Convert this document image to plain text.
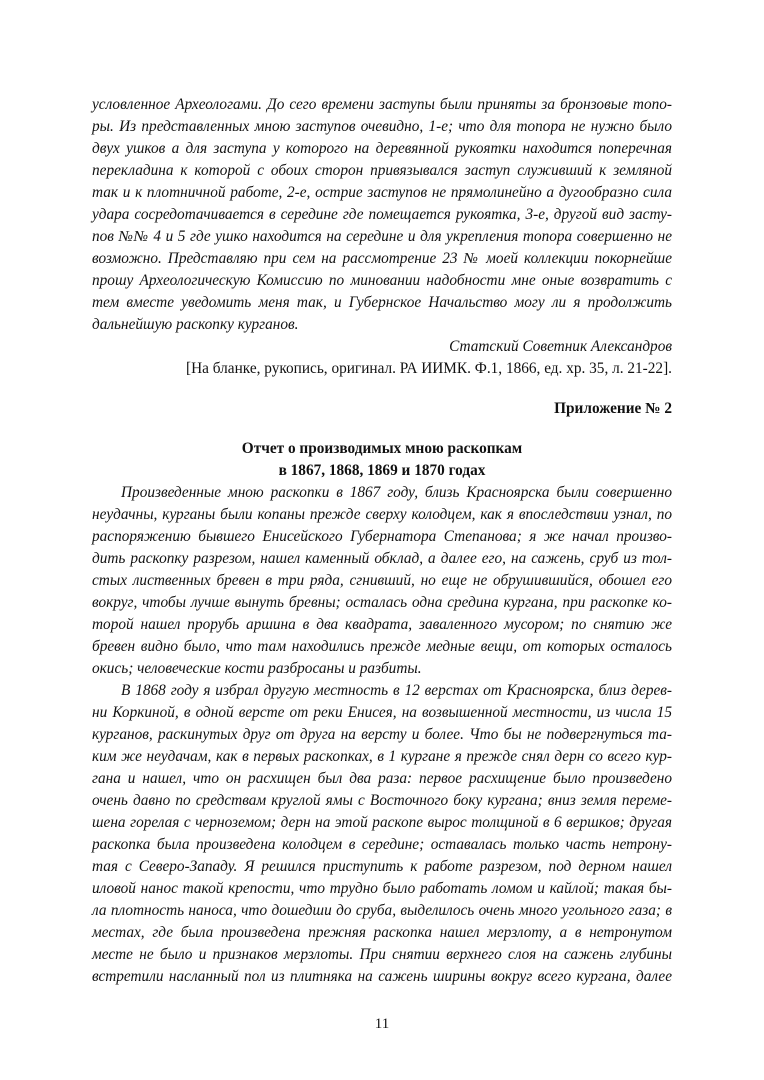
условленное Археологами. До сего времени заступы были приняты за бронзовые топо-
ры. Из представленных мною заступов очевидно, 1-е; что для топора не нужно было
двух ушков а для заступа у которого на деревянной рукоятки находится поперечная
перекладина к которой с обоих сторон привязывался заступ служивший к земляной
так и к плотничной работе, 2-е, острие заступов не прямолинейно а дугообразно сила
удара сосредотачивается в середине где помещается рукоятка, 3-е, другой вид засту-
пов №№ 4 и 5 где ушко находится на середине и для укрепления топора совершенно не
возможно. Представляю при сем на рассмотрение 23 № моей коллекции покорнейше
прошу Археологическую Комиссию по миновании надобности мне оные возвратить с
тем вместе уведомить меня так, и Губернское Начальство могу ли я продолжить
дальнейшую раскопку курганов.
Статский Советник Александров
[На бланке, рукопись, оригинал. РА ИИМК. Ф.1, 1866, ед. хр. 35, л. 21-22].
Приложение № 2
Отчет о производимых мною раскопкам
в 1867, 1868, 1869 и 1870 годах
Произведенные мною раскопки в 1867 году, близь Красноярска были совершенно
неудачны, курганы были копаны прежде сверху колодцем, как я впоследствии узнал, по
распоряжению бывшего Енисейского Губернатора Степанова; я же начал произво-
дить раскопку разрезом, нашел каменный обклад, а далее его, на сажень, сруб из тол-
стых лиственных бревен в три ряда, сгнивший, но еще не обрушившийся, обошел его
вокруг, чтобы лучше вынуть бревны; осталась одна средина кургана, при раскопке ко-
торой нашел прорубь аршина в два квадрата, заваленного мусором; по снятию же
бревен видно было, что там находились прежде медные вещи, от которых осталось
окись; человеческие кости разбросаны и разбиты.
В 1868 году я избрал другую местность в 12 верстах от Красноярска, близ дерев-
ни Коркиной, в одной версте от реки Енисея, на возвышенной местности, из числа 15
курганов, раскинутых друг от друга на версту и более. Что бы не подвергнуться та-
ким же неудачам, как в первых раскопках, в 1 кургане я прежде снял дерн со всего кур-
гана и нашел, что он расхищен был два раза: первое расхищение было произведено
очень давно по средствам круглой ямы с Восточного боку кургана; вниз земля переме-
шена горелая с черноземом; дерн на этой раскопе вырос толщиной в 6 вершков; другая
раскопка была произведена колодцем в середине; оставалась только часть нетрону-
тая с Северо-Западу. Я решился приступить к работе разрезом, под дерном нашел
иловой нанос такой крепости, что трудно было работать ломом и кайлой; такая бы-
ла плотность наноса, что дошедши до сруба, выделилось очень много угольного газа; в
местах, где была произведена прежняя раскопка нашел мерзлоту, а в нетронутом
месте не было и признаков мерзлоты. При снятии верхнего слоя на сажень глубины
встретили насланный пол из плитняка на сажень ширины вокруг всего кургана, далее
11
